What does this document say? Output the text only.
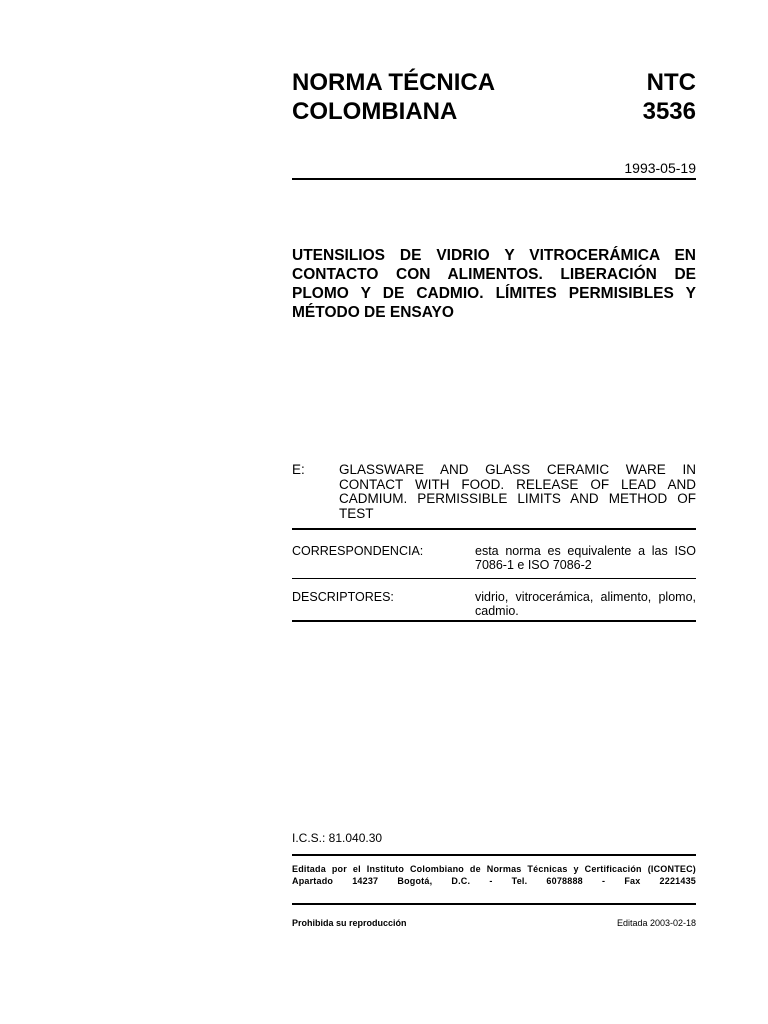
NORMA TÉCNICA
COLOMBIANA
NTC
3536
1993-05-19
UTENSILIOS DE VIDRIO Y VITROCERÁMICA EN CONTACTO CON ALIMENTOS. LIBERACIÓN DE PLOMO Y DE CADMIO. LÍMITES PERMISIBLES Y MÉTODO DE ENSAYO
E:	GLASSWARE AND GLASS CERAMIC WARE IN CONTACT WITH FOOD. RELEASE OF LEAD AND CADMIUM. PERMISSIBLE LIMITS AND METHOD OF TEST
CORRESPONDENCIA:	esta norma es equivalente a las ISO 7086-1 e ISO 7086-2
DESCRIPTORES:	vidrio, vitrocerámica, alimento, plomo, cadmio.
I.C.S.: 81.040.30
Editada por el Instituto Colombiano de Normas Técnicas y Certificación (ICONTEC) Apartado 14237 Bogotá, D.C. - Tel. 6078888 - Fax 2221435
Prohibida su reproducción	Editada 2003-02-18
